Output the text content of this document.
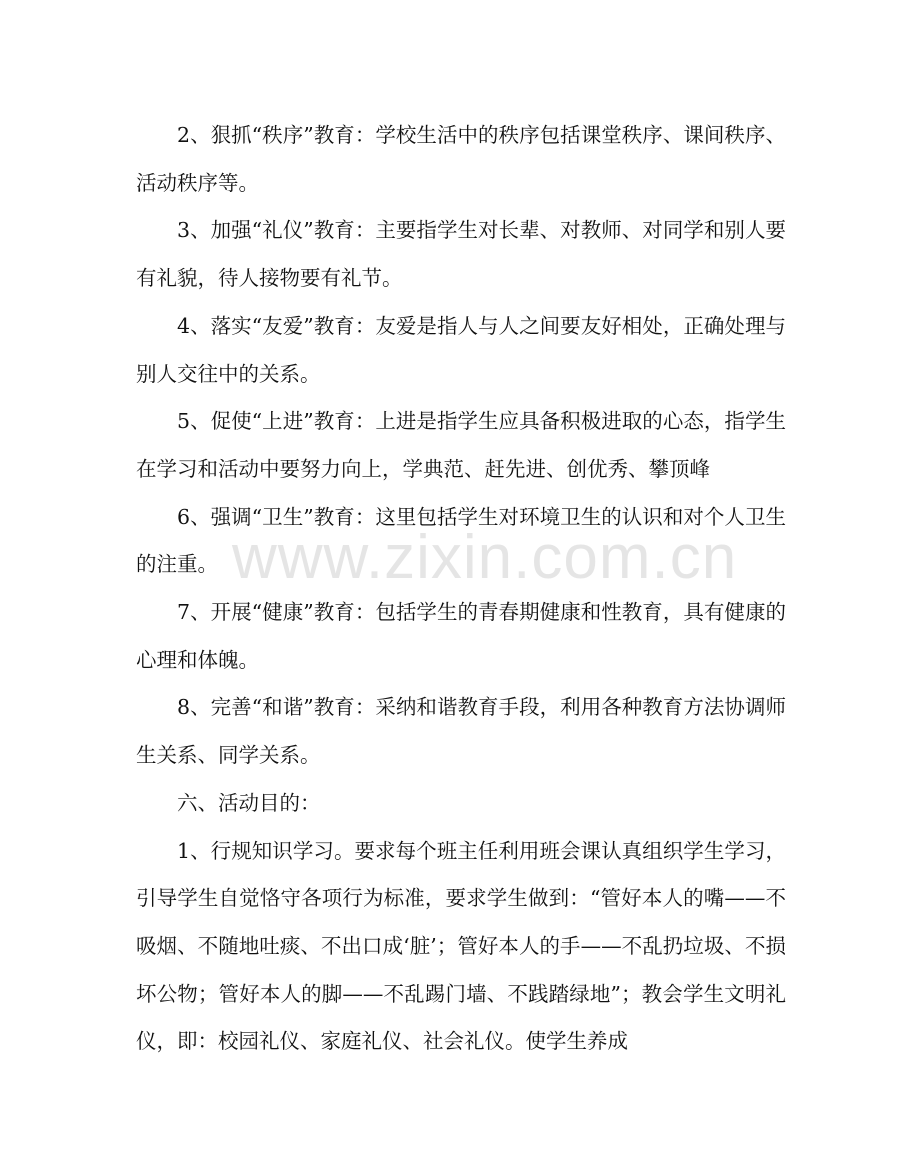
2、狠抓“秩序”教育：学校生活中的秩序包括课堂秩序、课间秩序、活动秩序等。

3、加强“礼仪”教育：主要指学生对长辈、对教师、对同学和别人要有礼貌，待人接物要有礼节。

4、落实“友爱”教育：友爱是指人与人之间要友好相处，正确处理与别人交往中的关系。

5、促使“上进”教育：上进是指学生应具备积极进取的心态，指学生在学习和活动中要努力向上，学典范、赶先进、创优秀、攀顶峰

6、强调“卫生”教育：这里包括学生对环境卫生的认识和对个人卫生的注重。

7、开展“健康”教育：包括学生的青春期健康和性教育，具有健康的心理和体魄。

8、完善“和谐”教育：采纳和谐教育手段，利用各种教育方法协调师生关系、同学关系。

六、活动目的：

1、行规知识学习。要求每个班主任利用班会课认真组织学生学习，引导学生自觉恪守各项行为标准，要求学生做到：“管好本人的嘴——不吸烟、不随地吐痰、不出口成‘脏’；管好本人的手——不乱扔垃圾、不损坏公物；管好本人的脚——不乱踢门墙、不践踏绿地”；教会学生文明礼仪，即：校园礼仪、家庭礼仪、社会礼仪。使学生养成

www.zixin.com.cn
